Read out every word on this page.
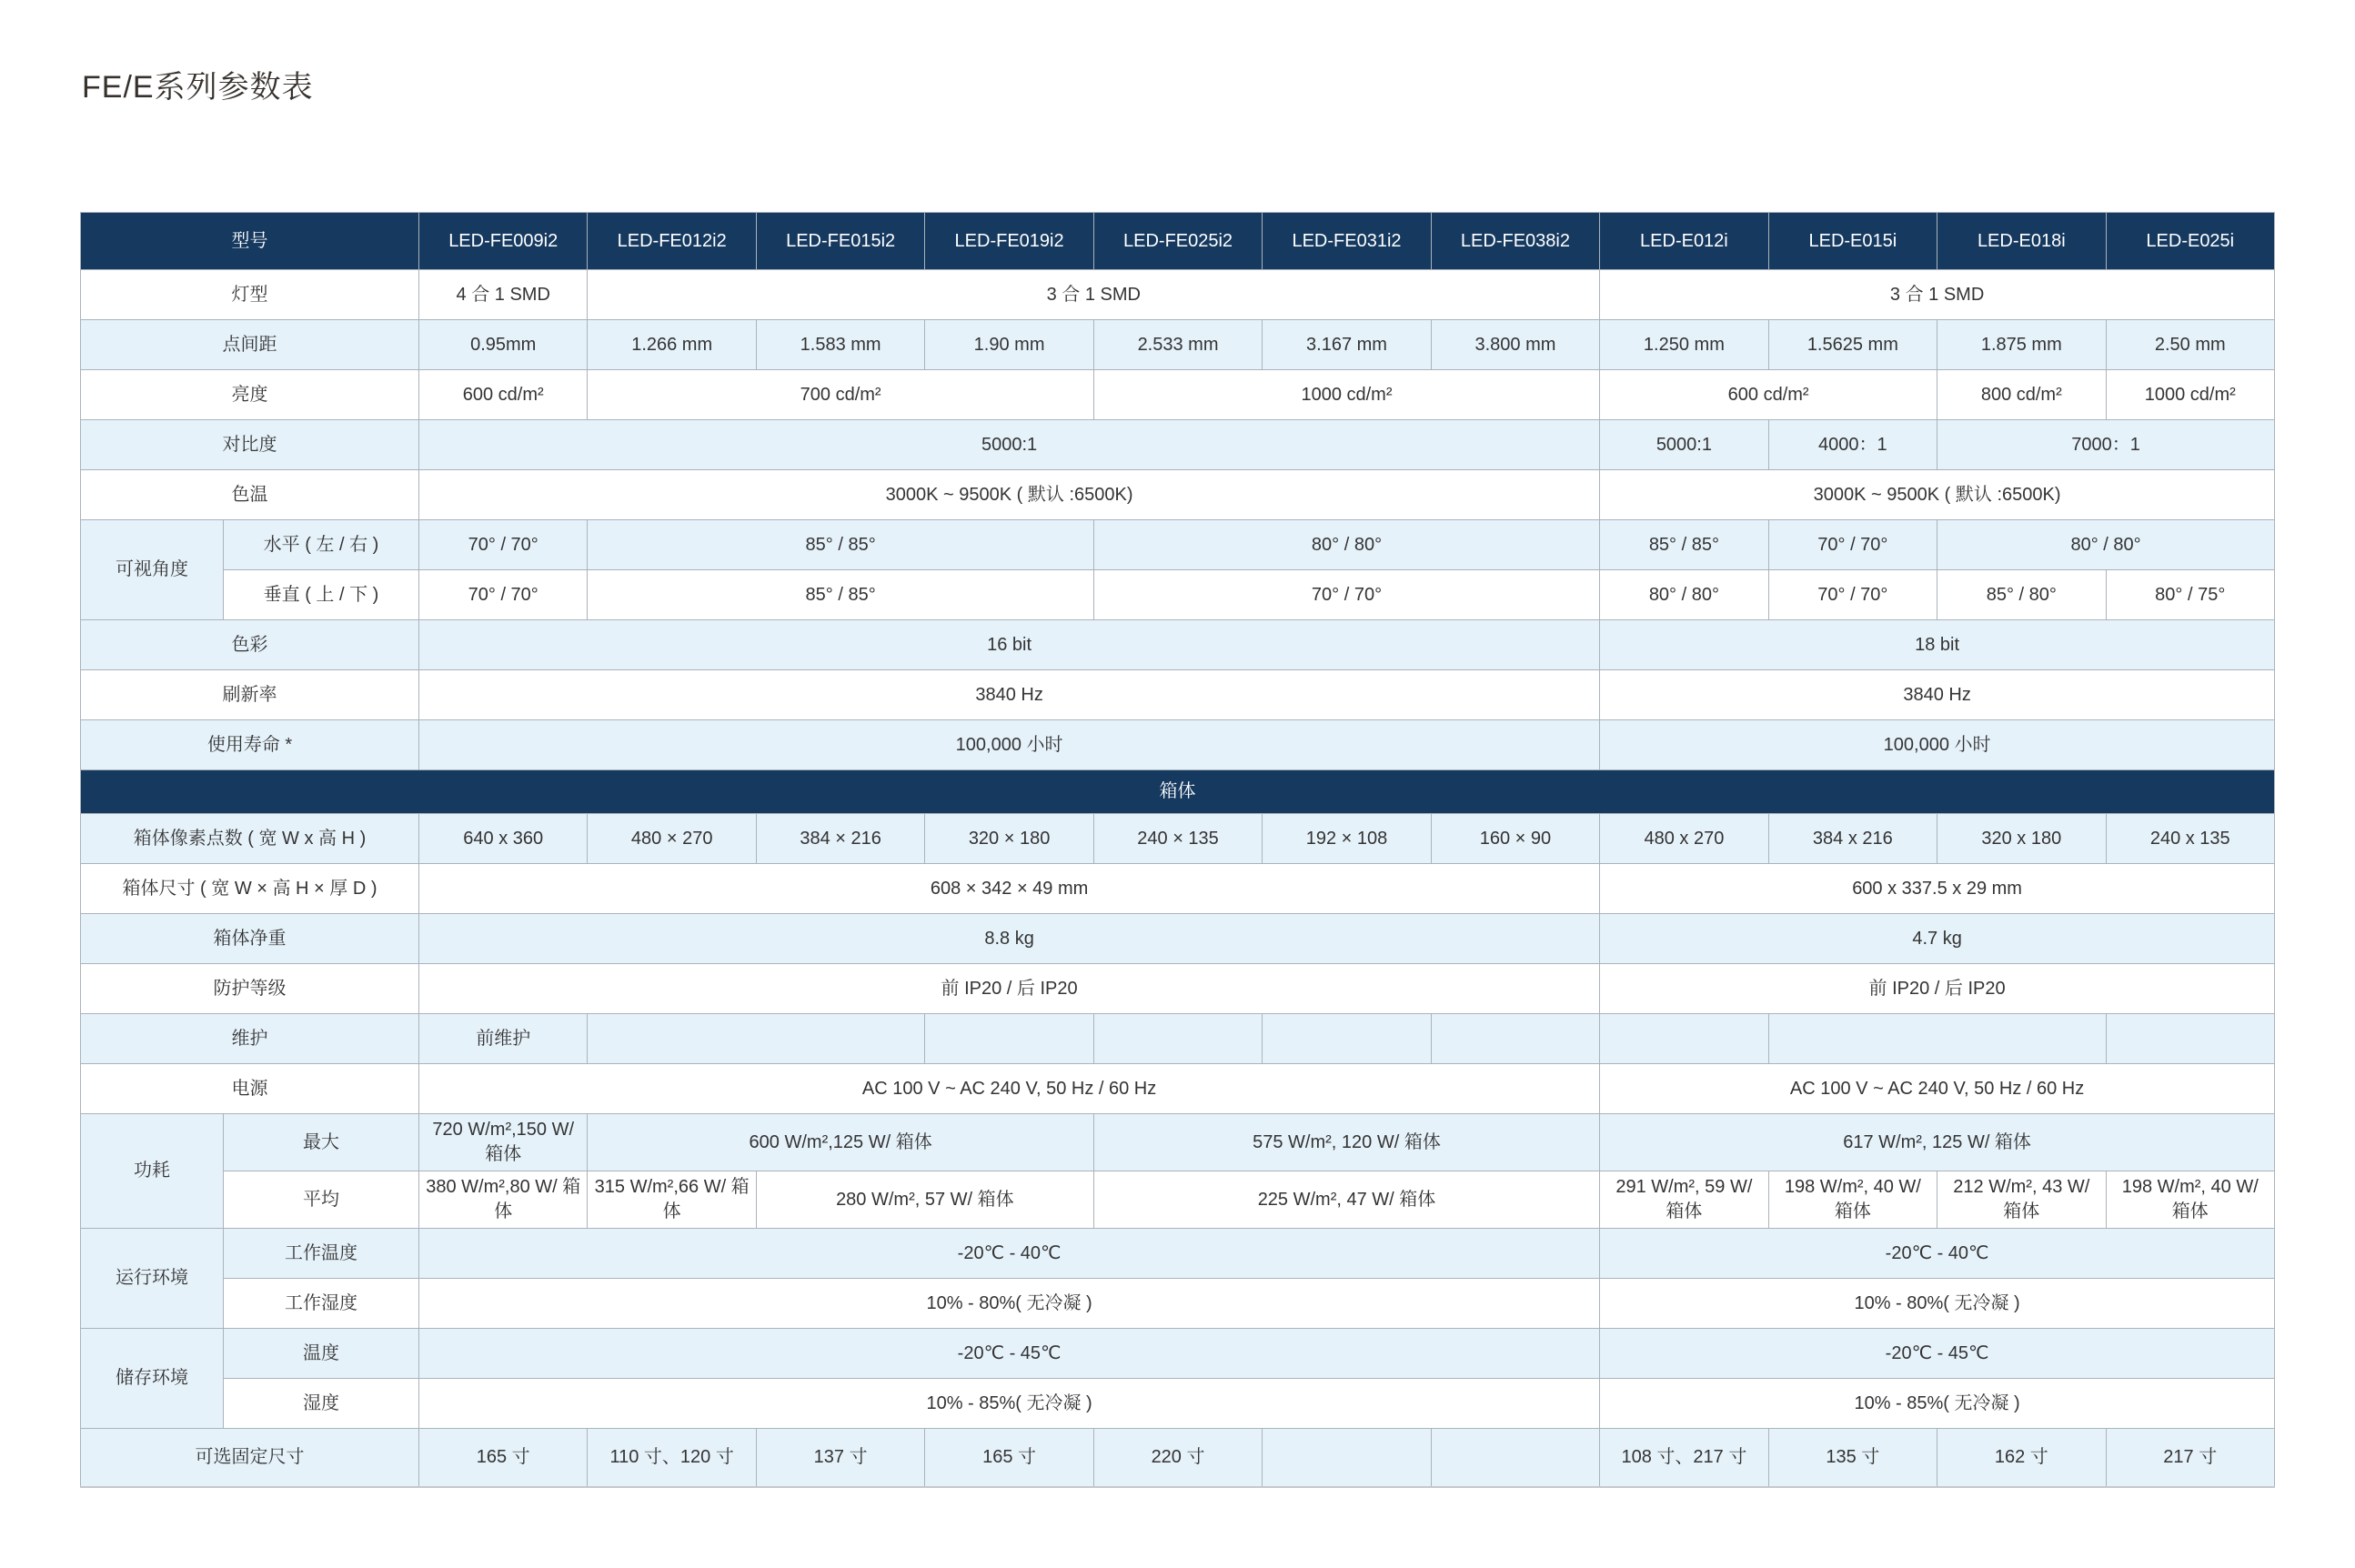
FE/E系列参数表
型号		LED-FE009i2	LED-FE012i2	LED-FE015i2	LED-FE019i2	LED-FE025i2	LED-FE031i2	LED-FE038i2	LED-E012i	LED-E015i	LED-E018i	LED-E025i
灯型		4 合 1 SMD	3 合 1 SMD						3 合 1 SMD			
点间距		0.95mm	1.266 mm	1.583 mm	1.90 mm	2.533 mm	3.167 mm	3.800 mm	1.250 mm	1.5625 mm	1.875 mm	2.50 mm
亮度		600 cd/m²	700 cd/m²			1000 cd/m²			600 cd/m²		800 cd/m²	1000 cd/m²
对比度		5000:1							5000:1	4000：1	7000：1	
色温		3000K ~ 9500K ( 默认 :6500K)							3000K ~ 9500K ( 默认 :6500K)			
可视角度	水平 ( 左 / 右 )	70° / 70°	85° / 85°			80° / 80°			85° / 85°	70° / 70°	80° / 80°	
	垂直 ( 上 / 下 )	70° / 70°	85° / 85°			70° / 70°			80° / 80°	70° / 70°	85° / 80°	80° / 75°
色彩		16 bit							18 bit			
刷新率		3840 Hz							3840 Hz			
使用寿命 *		100,000 小时							100,000 小时			
箱体												
箱体像素点数 ( 宽 W x 高 H )		640 x 360	480 × 270	384 × 216	320 × 180	240 × 135	192 × 108	160 × 90	480 x 270	384 x 216	320 x 180	240 x 135
箱体尺寸 ( 宽 W × 高 H × 厚 D )		608 × 342 × 49 mm							600 x 337.5 x 29 mm			
箱体净重		8.8 kg							4.7 kg			
防护等级		前 IP20 / 后 IP20							前 IP20 / 后 IP20			
维护		前维护										
电源		AC 100 V ~ AC 240 V, 50 Hz / 60 Hz							AC 100 V ~ AC 240 V, 50 Hz / 60 Hz			
功耗	最大	720 W/m²,150 W/ 箱体	600 W/m²,125 W/ 箱体			575 W/m², 120 W/ 箱体			617 W/m², 125 W/ 箱体			
	平均	380 W/m²,80 W/ 箱体	315 W/m²,66 W/ 箱体	280 W/m², 57 W/ 箱体		225 W/m², 47 W/ 箱体			291 W/m², 59 W/ 箱体	198 W/m², 40 W/ 箱体	212 W/m², 43 W/ 箱体	198 W/m², 40 W/ 箱体
运行环境	工作温度	-20℃ - 40℃							-20℃ - 40℃			
	工作湿度	10% - 80%( 无冷凝 )							10% - 80%( 无冷凝 )			
储存环境	温度	-20℃ - 45℃							-20℃ - 45℃			
	湿度	10% - 85%( 无冷凝 )							10% - 85%( 无冷凝 )			
可选固定尺寸		165 寸	110 寸、120 寸	137 寸	165 寸	220 寸			108 寸、217 寸	135 寸	162 寸	217 寸
